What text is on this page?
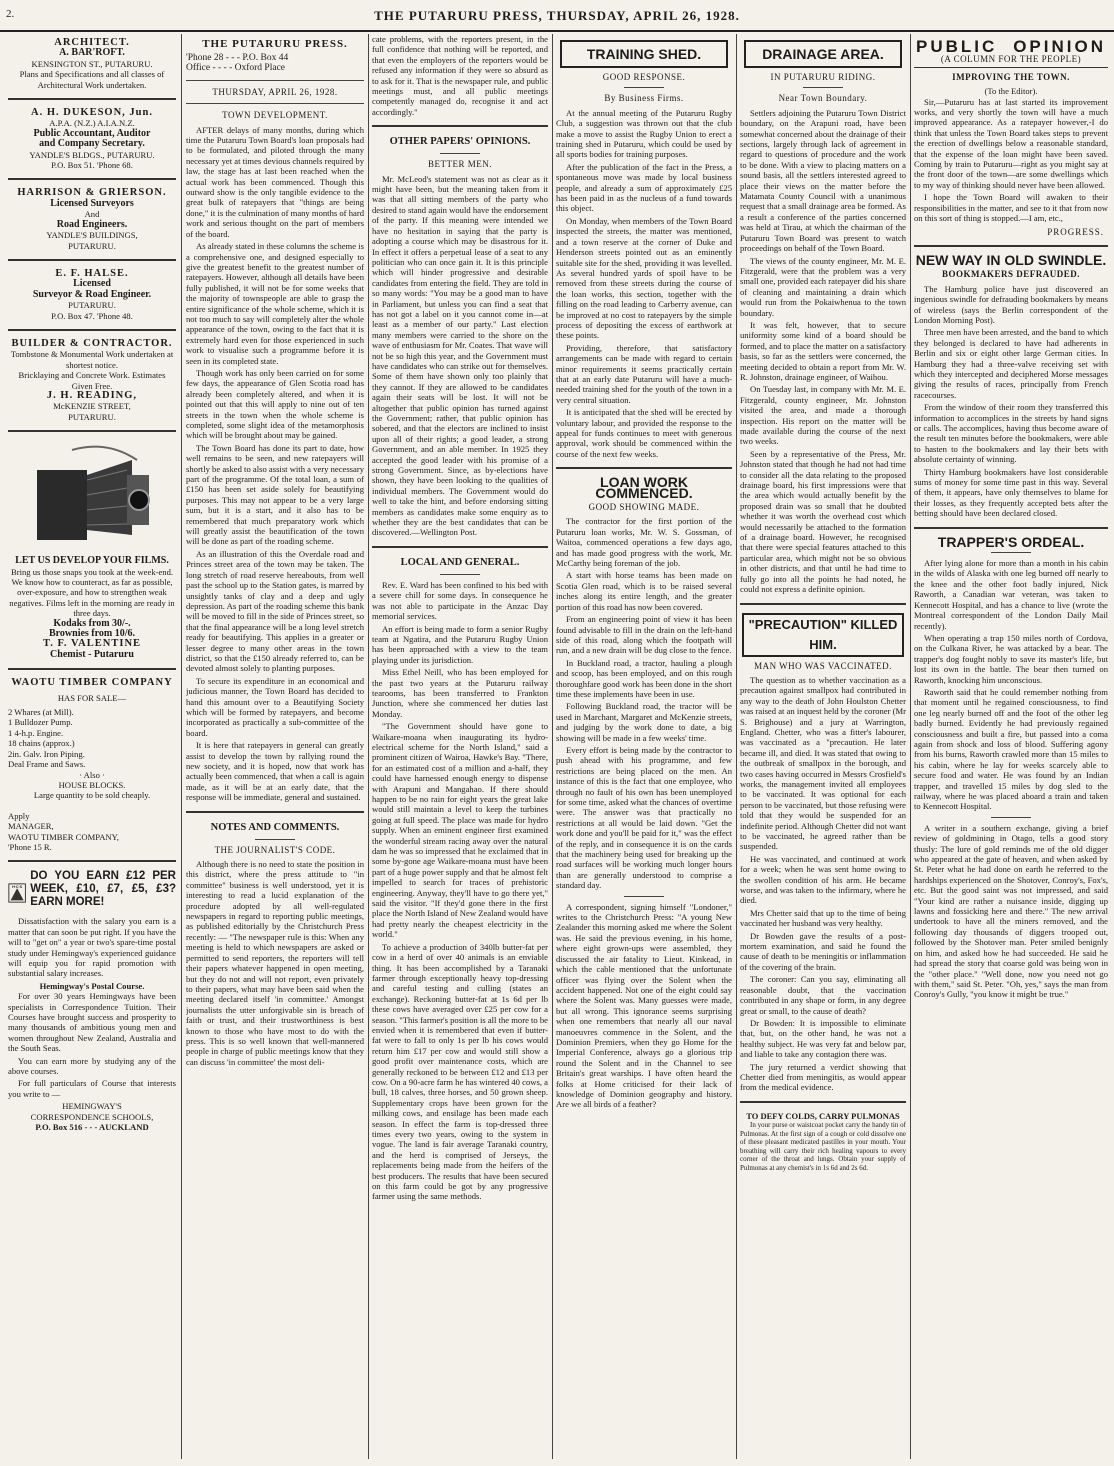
2.	THE PUTARURU PRESS, THURSDAY, APRIL 26, 1928.
ARCHITECT.
A. BAR'ROFT.
KENSINGTON ST., PUTARURU.
Plans and Specifications and all classes of Architectural Work undertaken.
A. H. DUKESON, Jun.
A.P.A. (N.Z.) A.I.A.N.Z.
Public Accountant, Auditor
and Company Secretary.
YANDLE'S BLDGS., PUTARURU.
P.O. Box 51. 'Phone 68.
HARRISON & GRIERSON.
Licensed Surveyors
And
Road Engineers.
YANDLE'S BUILDINGS,
PUTARURU.
E. F. HALSE.
Licensed
Surveyor & Road Engineer.
PUTARURU.
P.O. Box 47. 'Phone 48.
BUILDER & CONTRACTOR.
Tombstone & Monumental Work undertaken at shortest notice.
Bricklaying and Concrete Work. Estimates Given Free.
J. H. READING,
McKENZIE STREET,
PUTARURU.
LET US DEVELOP YOUR FILMS.
Bring us those snaps you took at the week-end. We know how to counteract, as far as possible, over-exposure, and how to strengthen weak negatives. Films left in the morning are ready in three days.
Kodaks from 30/-.
Brownies from 10/6.
T. F. VALENTINE
Chemist - Putaruru
WAOTU TIMBER COMPANY
HAS FOR SALE—
2 Whares (at Mill).
1 Bulldozer Pump.
1 4-h.p. Engine.
18 chains (approx.)
2in. Galv. Iron Piping.
Deal Frame and Saws.
· Also ·
HOUSE BLOCKS.
Large quantity to be sold cheaply.
Apply
MANAGER,
WAOTU TIMBER COMPANY,
'Phone 15 R.
H·C·S
DO YOU EARN £12 PER WEEK, £10, £7, £5, £3? EARN MORE!

Dissatisfaction with the salary you earn is a matter that can soon be put right. If you have the will to "get on" a year or two's spare-time postal study under Hemingway's experienced guidance will equip you for rapid promotion with substantial salary increases.

Hemingway's Postal Course.

For over 30 years Hemingways have been specialists in Correspondence Tuition. Their Courses have brought success and prosperity to many thousands of ambitious young men and women throughout New Zealand, Australia and the South Seas.

You can earn more by studying any of the above courses.

For full particulars of Course that interests you write to —

HEMINGWAY'S
CORRESPONDENCE SCHOOLS,
P.O. Box 516 - - - AUCKLAND
THE PUTARURU PRESS.
'Phone 28 - - - P.O. Box 44
Office - - - - Oxford Place
THURSDAY, APRIL 26, 1928.
TOWN DEVELOPMENT.

AFTER delays of many months, during which time the Putaruru Town Board's loan proposals had to be formulated, and piloted through the many necessary yet at times devious channels required by law, the stage has at last been reached when the actual work has been commenced. Though this outward show is the only tangible evidence to the great bulk of ratepayers that "things are being done," it is the culmination of many months of hard work and serious thought on the part of members of the board.

As already stated in these columns the scheme is a comprehensive one, and designed especially to give the greatest benefit to the greatest number of ratepayers. However, although all details have been fully published, it will not be for some weeks that the majority of townspeople are able to grasp the entire significance of the whole scheme, which it is not too much to say will completely alter the whole appearance of the town, owing to the fact that it is extremely hard even for those experienced in such work to visualise such a programme before it is seen in its completed state.

Though work has only been carried on for some few days, the appearance of Glen Scotia road has already been completely altered, and when it is pointed out that this will apply to nine out of ten streets in the town when the whole scheme is completed, some slight idea of the metamorphosis which will be brought about may be gained.

The Town Board has done its part to date, how well remains to be seen, and new ratepayers will shortly be asked to also assist with a very necessary part of the programme. Of the total loan, a sum of £150 has been set aside solely for beautifying purposes. This may not appear to be a very large sum, but it is a start, and it also has to be remembered that much preparatory work which will greatly assist the beautification of the town will be done as part of the roading scheme.

As an illustration of this the Overdale road and Princes street area of the town may be taken. The long stretch of road reserve hereabouts, from well past the school up to the Station gates, is marred by unsightly tanks of clay and a deep and ugly depression. As part of the roading scheme this bank will be moved to fill in the side of Princes street, so that the final appearance will be a long level stretch ready for beautifying. This applies in a greater or lesser degree to many other areas in the town district, so that the £150 already referred to, can be devoted almost solely to planting purposes.

To secure its expenditure in an economical and judicious manner, the Town Board has decided to hand this amount over to a Beautifying Society which will be formed by ratepayers, and become incorporated as practically a sub-committee of the board.

It is here that ratepayers in general can greatly assist to develop the town by rallying round the new society, and it is hoped, now that work has actually been commenced, that when a call is again made, as it will be at an early date, that the response will be immediate, general and sustained.

NOTES AND COMMENTS.
THE JOURNALIST'S CODE.

Although there is no need to state the position in this district, where the press attitude to "in committee" business is well understood, yet it is interesting to read a lucid explanation of the procedure adopted by all well-regulated newspapers in regard to reporting public meetings, as published editorially by the Christchurch Press recently: — "The newspaper rule is this: When any meeting is held to which newspapers are asked or permitted to send reporters, the reporters will tell their papers whatever happened in open meeting, but they do not and will not report, even privately to their papers, what may have been said when the meeting declared itself 'in committee.' Amongst journalists the utter unforgivable sin is breach of faith or trust, and their trustworthiness is best known to those who have most to do with the press. This is so well known that well-mannered people in charge of public meetings know that they can discuss 'in committee' the most deli-

cate problems, with the reporters present, in the full confidence that nothing will be reported, and that even the employers of the reporters would be refused any information if they were so absurd as to ask for it. That is the newspaper rule, and public meetings must, and all public meetings competently managed do, recognise it and act accordingly."

OTHER PAPERS' OPINIONS.
BETTER MEN.

Mr. McLeod's statement was not as clear as it might have been, but the meaning taken from it was that all sitting members of the party who desired to stand again would have the endorsement of the party. If this meaning were intended we have no hesitation in saying that the party is adopting a course which may be disastrous for it. In effect it offers a perpetual lease of a seat to any politician who can once gain it. It is this principle which will hinder progressive and desirable candidates from entering the field. They are told in so many words: "You may be a good man to have in Parliament, but unless you can find a seat that has not got a label on it you cannot come in—at least as a member of our party." Last election many members were carried to the shore on the wave of enthusiasm for Mr. Coates. That wave will not be so high this year, and the Government must have candidates who can strike out for themselves. Some of them have shown only too plainly that they cannot. If they are allowed to be candidates again their seats will be lost. It will not be altogether that public opinion has turned against the Government; rather, that public opinion has sobered, and that the electors are inclined to insist upon all of their rights; a good leader, a strong Government, and an able member. In 1925 they accepted the good leader with his promise of a strong Government. Since, as by-elections have shown, they have been looking to the qualities of individual members. The Government would do well to take the hint, and before endorsing sitting members as candidates make some enquiry as to whether they are the best candidates that can be discovered.—Wellington Post.

LOCAL AND GENERAL.

Rev. E. Ward has been confined to his bed with a severe chill for some days. In consequence he was not able to participate in the Anzac Day memorial services.

An effort is being made to form a senior Rugby team at Ngatira, and the Putaruru Rugby Union has been approached with a view to the team playing under its jurisdiction.

Miss Ethel Neill, who has been employed for the past two years at the Putaruru railway tearooms, has been transferred to Frankton Junction, where she commenced her duties last Monday.

"The Government should have gone to Waikare-moana when inaugurating its hydro-electrical scheme for the North Island," said a prominent citizen of Wairoa, Hawke's Bay. "There, for an estimated cost of a million and a-half, they could have harnessed enough energy to dispense with Arapuni and Mangahao. If there should happen to be no rain for eight years the great lake would still maintain a level to keep the turbines going at full speed. The place was made for hydro supply. When an eminent engineer first examined the wonderful stream racing away over the natural dam he was so impressed that he exclaimed that in some by-gone age Waikare-moana must have been part of a huge power supply and that he almost felt impelled to search for traces of prehistoric engineering. Anyway, they'll have to go there yet," said the visitor. "If they'd gone there in the first place the North Island of New Zealand would have had pretty nearly the cheapest electricity in the world."

To achieve a production of 340lb butter-fat per cow in a herd of over 40 animals is an enviable thing. It has been accomplished by a Taranaki farmer through exceptionally heavy top-dressing and careful testing and culling (states an exchange). Reckoning butter-fat at 1s 6d per lb these cows have averaged over £25 per cow for a season. "This farmer's position is all the more to be envied when it is remembered that even if butter-fat were to fall to only 1s per lb his cows would return him £17 per cow and would still show a good profit over maintenance costs, which are generally reckoned to be between £12 and £13 per cow. On a 90-acre farm he has wintered 40 cows, a bull, 18 calves, three horses, and 50 grown sheep. Supplementary crops have been grown for the milking cows, and ensilage has been made each season. In effect the farm is top-dressed three times every two years, owing to the system in vogue. The land is fair average Taranaki country, and the herd is comprised of Jerseys, the replacements being made from the heifers of the best producers. The results that have been secured on this farm could be got by any progressive farmer using the same methods.

TRAINING SHED.
GOOD RESPONSE.
By Business Firms.

At the annual meeting of the Putaruru Rugby Club, a suggestion was thrown out that the club make a move to assist the Rugby Union to erect a training shed in Putaruru, which could be used by all sports bodies for training purposes.

After the publication of the fact in the Press, a spontaneous move was made by local business people, and already a sum of approximately £25 has been paid in as the nucleus of a fund towards this object.

On Monday, when members of the Town Board inspected the streets, the matter was mentioned, and a town reserve at the corner of Duke and Henderson streets pointed out as an eminently suitable site for the shed, providing it was levelled. As several hundred yards of spoil have to be removed from these streets during the course of the loan works, this section, together with the filling on the road leading to Carberry avenue, can be improved at no cost to ratepayers by the simple process of depositing the excess of earthwork at these points.

Providing, therefore, that satisfactory arrangements can be made with regard to certain minor requirements it seems practically certain that at an early date Putaruru will have a much-needed training shed for the youth of the town in a very central situation.

It is anticipated that the shed will be erected by voluntary labour, and provided the response to the appeal for funds continues to meet with generous approval, work should be commenced within the course of the next few weeks.

LOAN WORK COMMENCED.
GOOD SHOWING MADE.

The contractor for the first portion of the Putaruru loan works, Mr. W. S. Gossman, of Waitoa, commenced operations a few days ago, and has made good progress with the work, Mr. McCarthy being foreman of the job.

A start with horse teams has been made on Scotia Glen road, which is to be raised several inches along its entire length, and the greater portion of this road has now been covered.

From an engineering point of view it has been found advisable to fill in the drain on the left-hand side of this road, along which the footpath will run, and a new drain will be dug close to the fence.

In Buckland road, a tractor, hauling a plough and scoop, has been employed, and on this rough thoroughfare good work has been done in the short time these implements have been in use.

Following Buckland road, the tractor will be used in Marchant, Margaret and McKenzie streets, and judging by the work done to date, a big showing will be made in a few weeks' time.

Every effort is being made by the contractor to push ahead with his programme, and few restrictions are being placed on the men. An instance of this is the fact that one employee, who through no fault of his own has been unemployed for some time, asked what the chances of overtime were. The answer was that practically no restrictions at all would be laid down. "Get the work done and you'll be paid for it," was the effect of the reply, and in consequence it is on the cards that the machinery being used for breaking up the road surfaces will be working much longer hours than are generally understood to comprise a standard day.

A correspondent, signing himself "Londoner," writes to the Christchurch Press: "A young New Zealander this morning asked me where the Solent was. He said the previous evening, in his home, where eight grown-ups were assembled, they discussed the air fatality to Lieut. Kinkead, in which the cable mentioned that the unfortunate officer was flying over the Solent when the accident happened. Not one of the eight could say where the Solent was. Many guesses were made, but all wrong. This ignorance seems surprising when one remembers that nearly all our naval manoeuvres commence in the Solent, and the Dominion Premiers, when they go Home for the Imperial Conference, always go a glorious trip round the Solent and in the Channel to see Britain's great warships. I have often heard the folks at Home criticised for their lack of knowledge of Dominion geography and history. Are we all birds of a feather?

DRAINAGE AREA.
IN PUTARURU RIDING.
Near Town Boundary.

Settlers adjoining the Putaruru Town District boundary, on the Arapuni road, have been somewhat concerned about the drainage of their sections, largely through lack of agreement in regard to questions of procedure and the work to be done. With a view to placing matters on a sound basis, all the settlers interested agreed to place their views on the matter before the Matamata County Council with a unanimous request that a small drainage area be formed. As a result a conference of the parties concerned was held at Tirau, at which the chairman of the Putaruru Town Board was present to watch proceedings on behalf of the Town Board.

The views of the county engineer, Mr. M. E. Fitzgerald, were that the problem was a very small one, provided each ratepayer did his share of cleaning and maintaining a drain which would run from the Pokaiwhenua to the town boundary.

It was felt, however, that to secure uniformity some kind of a board should be formed, and to place the matter on a satisfactory basis, so far as the settlers were concerned, the meeting decided to obtain a report from Mr. W. R. Johnston, drainage engineer, of Waihou.

On Tuesday last, in company with Mr. M. E. Fitzgerald, county engineer, Mr. Johnston visited the area, and made a thorough inspection. His report on the matter will be made available during the course of the next two weeks.

Seen by a representative of the Press, Mr. Johnston stated that though he had not had time to consider all the data relating to the proposed drainage board, his first impressions were that the area which would actually benefit by the proposed drain was so small that he doubted whether it was worth the overhead cost which would necessarily be attached to the formation of a drainage board. However, he recognised that there were special features attached to this particular area, which might not be so obvious in other districts, and that until he had time to fully go into all the points he had noted, he could not express a definite opinion.

"PRECAUTION" KILLED HIM.
MAN WHO WAS VACCINATED.

The question as to whether vaccination as a precaution against smallpox had contributed in any way to the death of John Houlston Chetter was raised at an inquest held by the coroner (Mr S. Brighouse) and a jury at Warrington, England. Chetter, who was a fitter's labourer, was vaccinated as a "precaution. He later became ill, and died. It was stated that owing to the outbreak of smallpox in the borough, and two cases having occurred in Messrs Crosfield's works, the management invited all employees to be vaccinated. It was optional for each person to be vaccinated, but those refusing were told that they would be suspended for an indefinite period. Although Chetter did not want to be vaccinated, he agreed rather than be suspended.

He was vaccinated, and continued at work for a week; when he was sent home owing to the swollen condition of his arm. He became worse, and was taken to the infirmary, where he died.

Mrs Chetter said that up to the time of being vaccinated her husband was very healthy.

Dr Bowden gave the results of a post-mortem examination, and said he found the cause of death to be meningitis or inflammation of the covering of the brain.

The coroner: Can you say, eliminating all reasonable doubt, that the vaccination contributed in any shape or form, in any degree great or small, to the cause of death?

Dr Bowden: It is impossible to eliminate that, but, on the other hand, he was not a healthy subject. He was very fat and below par, and liable to take any contagion there was.

The jury returned a verdict showing that Chetter died from meningitis, as would appear from the medical evidence.

TO DEFY COLDS, CARRY PULMONAS

In your purse or waistcoat pocket carry the handy tin of Pulmonas. At the first sign of a cough or cold dissolve one of these pleasant medicated pastilles in your mouth. Your breathing will carry their rich healing vapours to every corner of the throat and lungs. Obtain your supply of Pulmonas at any chemist's in 1s 6d and 2s 6d.

PUBLIC OPINION
(A COLUMN FOR THE PEOPLE)
IMPROVING THE TOWN.
(To the Editor).

Sir,—Putaruru has at last started its improvement works, and very shortly the town will have a much improved appearance. As a ratepayer however,-I do think that unless the Town Board takes steps to prevent the erection of dwellings below a reasonable standard, that the expense of the loan might have been saved. Coming by train to Putaruru—right as you might say at the front door of the town—are some dwellings which to my way of thinking should never have been allowed.

I hope the Town Board will awaken to their responsibilities in the matter, and see to it that from now on this sort of thing is stopped.—I am, etc.,

PROGRESS.
NEW WAY IN OLD SWINDLE.
BOOKMAKERS DEFRAUDED.

The Hamburg police have just discovered an ingenious swindle for defrauding bookmakers by means of wireless (says the Berlin correspondent of the London Morning Post).

Three men have been arrested, and the band to which they belonged is declared to have had adherents in Berlin and six or eight other large German cities. In Hamburg they had a three-valve receiving set with which they intercepted and deciphered Morse messages giving the results of races, principally from French racecourses.

From the window of their room they transferred this information to accomplices in the streets by hand signs or calls. The accomplices, having thus become aware of the result ten minutes before the bookmakers, were able to hasten to the bookmakers and lay their bets with absolute certainty of winning.

Thirty Hamburg bookmakers have lost considerable sums of money for some time past in this way. Several of them, it appears, have only themselves to blame for their losses, as they frequently accepted bets after the betting should have been declared closed.

TRAPPER'S ORDEAL.

After lying alone for more than a month in his cabin in the wilds of Alaska with one leg burned off nearly to the knee and the other foot badly injured, Nick Raworth, a Canadian war veteran, was taken to Kennecott Hospital, and has a chance to live (wrote the Montreal correspondent of the London Daily Mail recently).

When operating a trap 150 miles north of Cordova, on the Culkana River, he was attacked by a bear. The trapper's dog fought nobly to save its master's life, but lost its own in the battle. The bear then turned on Raworth, knocking him unconscious.

Raworth said that he could remember nothing from that moment until he regained consciousness, to find one leg nearly burned off and the foot of the other leg badly burned. Evidently he had previously regained consciousness and built a fire, but passed into a coma again from shock and loss of blood. Suffering agony from his burns, Raworth crawled more than 15 miles to his cabin, where he lay for weeks scarcely able to secure food and water. He was found by an Indian trapper, and travelled 15 miles by dog sled to the railway, where he was placed aboard a train and taken to Kennecott Hospital.

A writer in a southern exchange, giving a brief review of goldmining in Otago, tells a good story thusly: The lure of gold reminds me of the old digger who appeared at the gate of heaven, and when asked by St. Peter what he had done on earth he referred to the hardships experienced on the Shotover, Conroy's, Fox's, etc. But the good saint was not impressed, and said "Your kind are rather a nuisance inside, digging up lawns and fossicking here and there." The new arrival undertook to have all the miners removed, and the following day thousands of diggers trooped out, followed by the Shotover man. Peter smiled benignly on him, and asked how he had succeeded. He said he had spread the story that coarse gold was being won in the "other place." "Well done, now you need not go with them," said St. Peter. "Oh, yes," says the man from Conroy's Gully, "you know it might be true."
